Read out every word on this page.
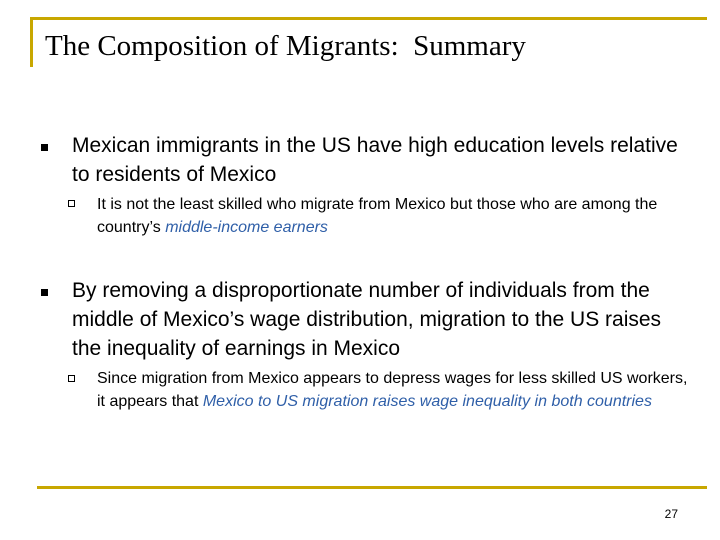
The Composition of Migrants:  Summary

Mexican immigrants in the US have high education levels relative to residents of Mexico

It is not the least skilled who migrate from Mexico but those who are among the country’s middle-income earners

By removing a disproportionate number of individuals from the middle of Mexico’s wage distribution, migration to the US raises the inequality of earnings in Mexico

Since migration from Mexico appears to depress wages for less skilled US workers, it appears that Mexico to US migration raises wage inequality in both countries

27
